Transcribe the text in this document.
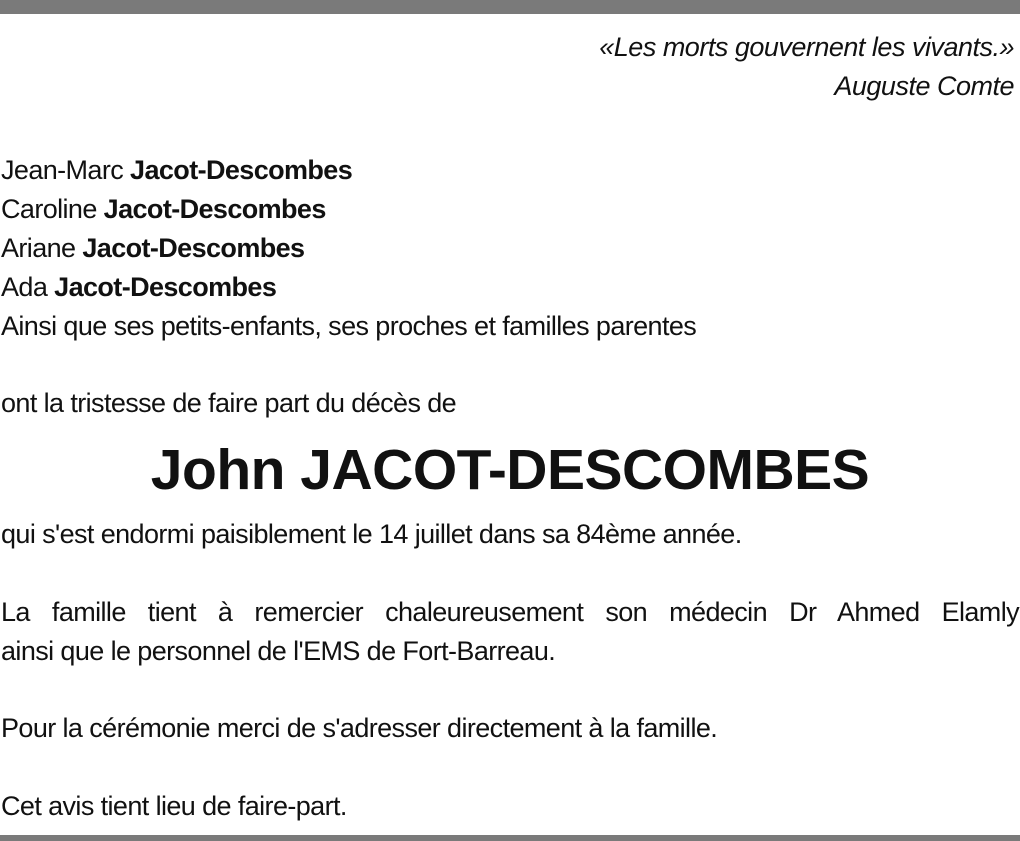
«Les morts gouvernent les vivants.»
Auguste Comte
Jean-Marc Jacot-Descombes
Caroline Jacot-Descombes
Ariane Jacot-Descombes
Ada Jacot-Descombes
Ainsi que ses petits-enfants, ses proches et familles parentes
ont la tristesse de faire part du décès de
John JACOT-DESCOMBES
qui s'est endormi paisiblement le 14 juillet dans sa 84ème année.
La famille tient à remercier chaleureusement son médecin Dr Ahmed Elamly
ainsi que le personnel de l'EMS de Fort-Barreau.
Pour la cérémonie merci de s'adresser directement à la famille.
Cet avis tient lieu de faire-part.
